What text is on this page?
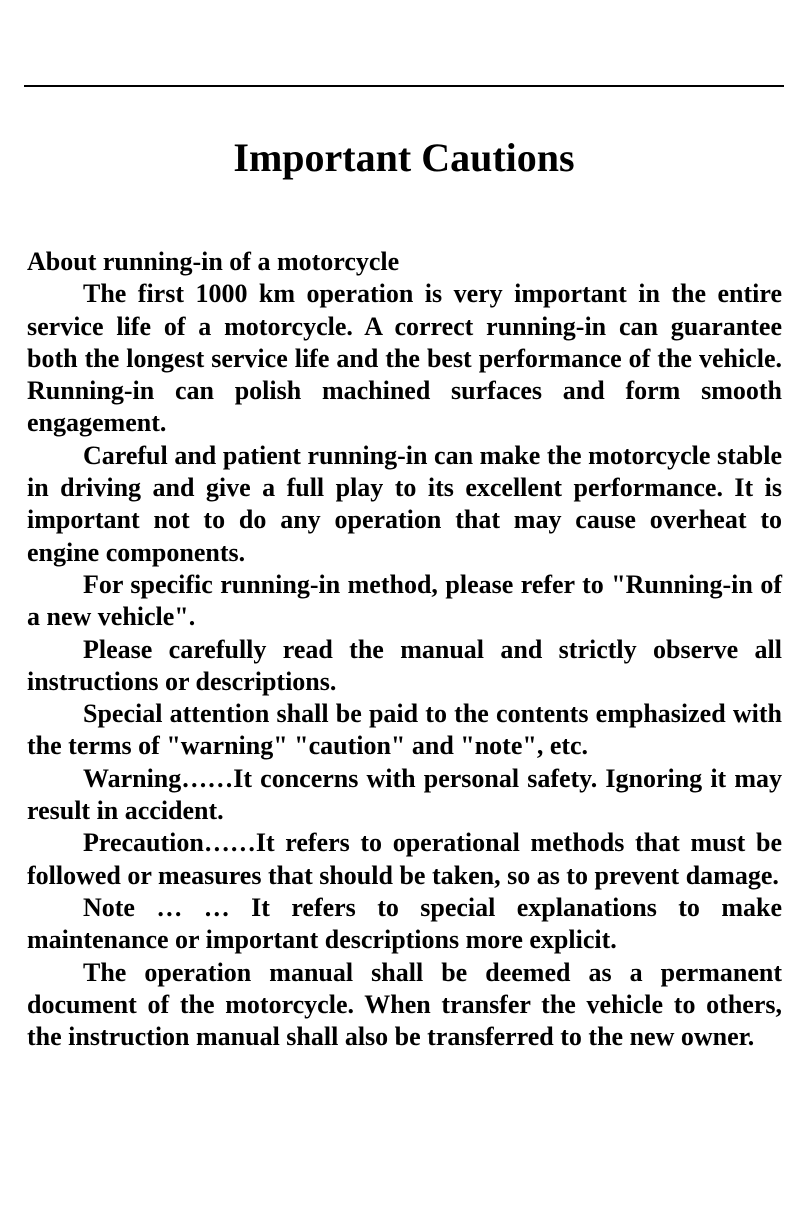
Important Cautions
About running-in of a motorcycle

The first 1000 km operation is very important in the entire service life of a motorcycle. A correct running-in can guarantee both the longest service life and the best performance of the vehicle. Running-in can polish machined surfaces and form smooth engagement.

Careful and patient running-in can make the motorcycle stable in driving and give a full play to its excellent performance. It is important not to do any operation that may cause overheat to engine components.

For specific running-in method, please refer to "Running-in of a new vehicle".

Please carefully read the manual and strictly observe all instructions or descriptions.

Special attention shall be paid to the contents emphasized with the terms of "warning" "caution" and "note", etc.

Warning……It concerns with personal safety. Ignoring it may result in accident.

Precaution……It refers to operational methods that must be followed or measures that should be taken, so as to prevent damage.

Note … … It refers to special explanations to make maintenance or important descriptions more explicit.

The operation manual shall be deemed as a permanent document of the motorcycle. When transfer the vehicle to others, the instruction manual shall also be transferred to the new owner.
